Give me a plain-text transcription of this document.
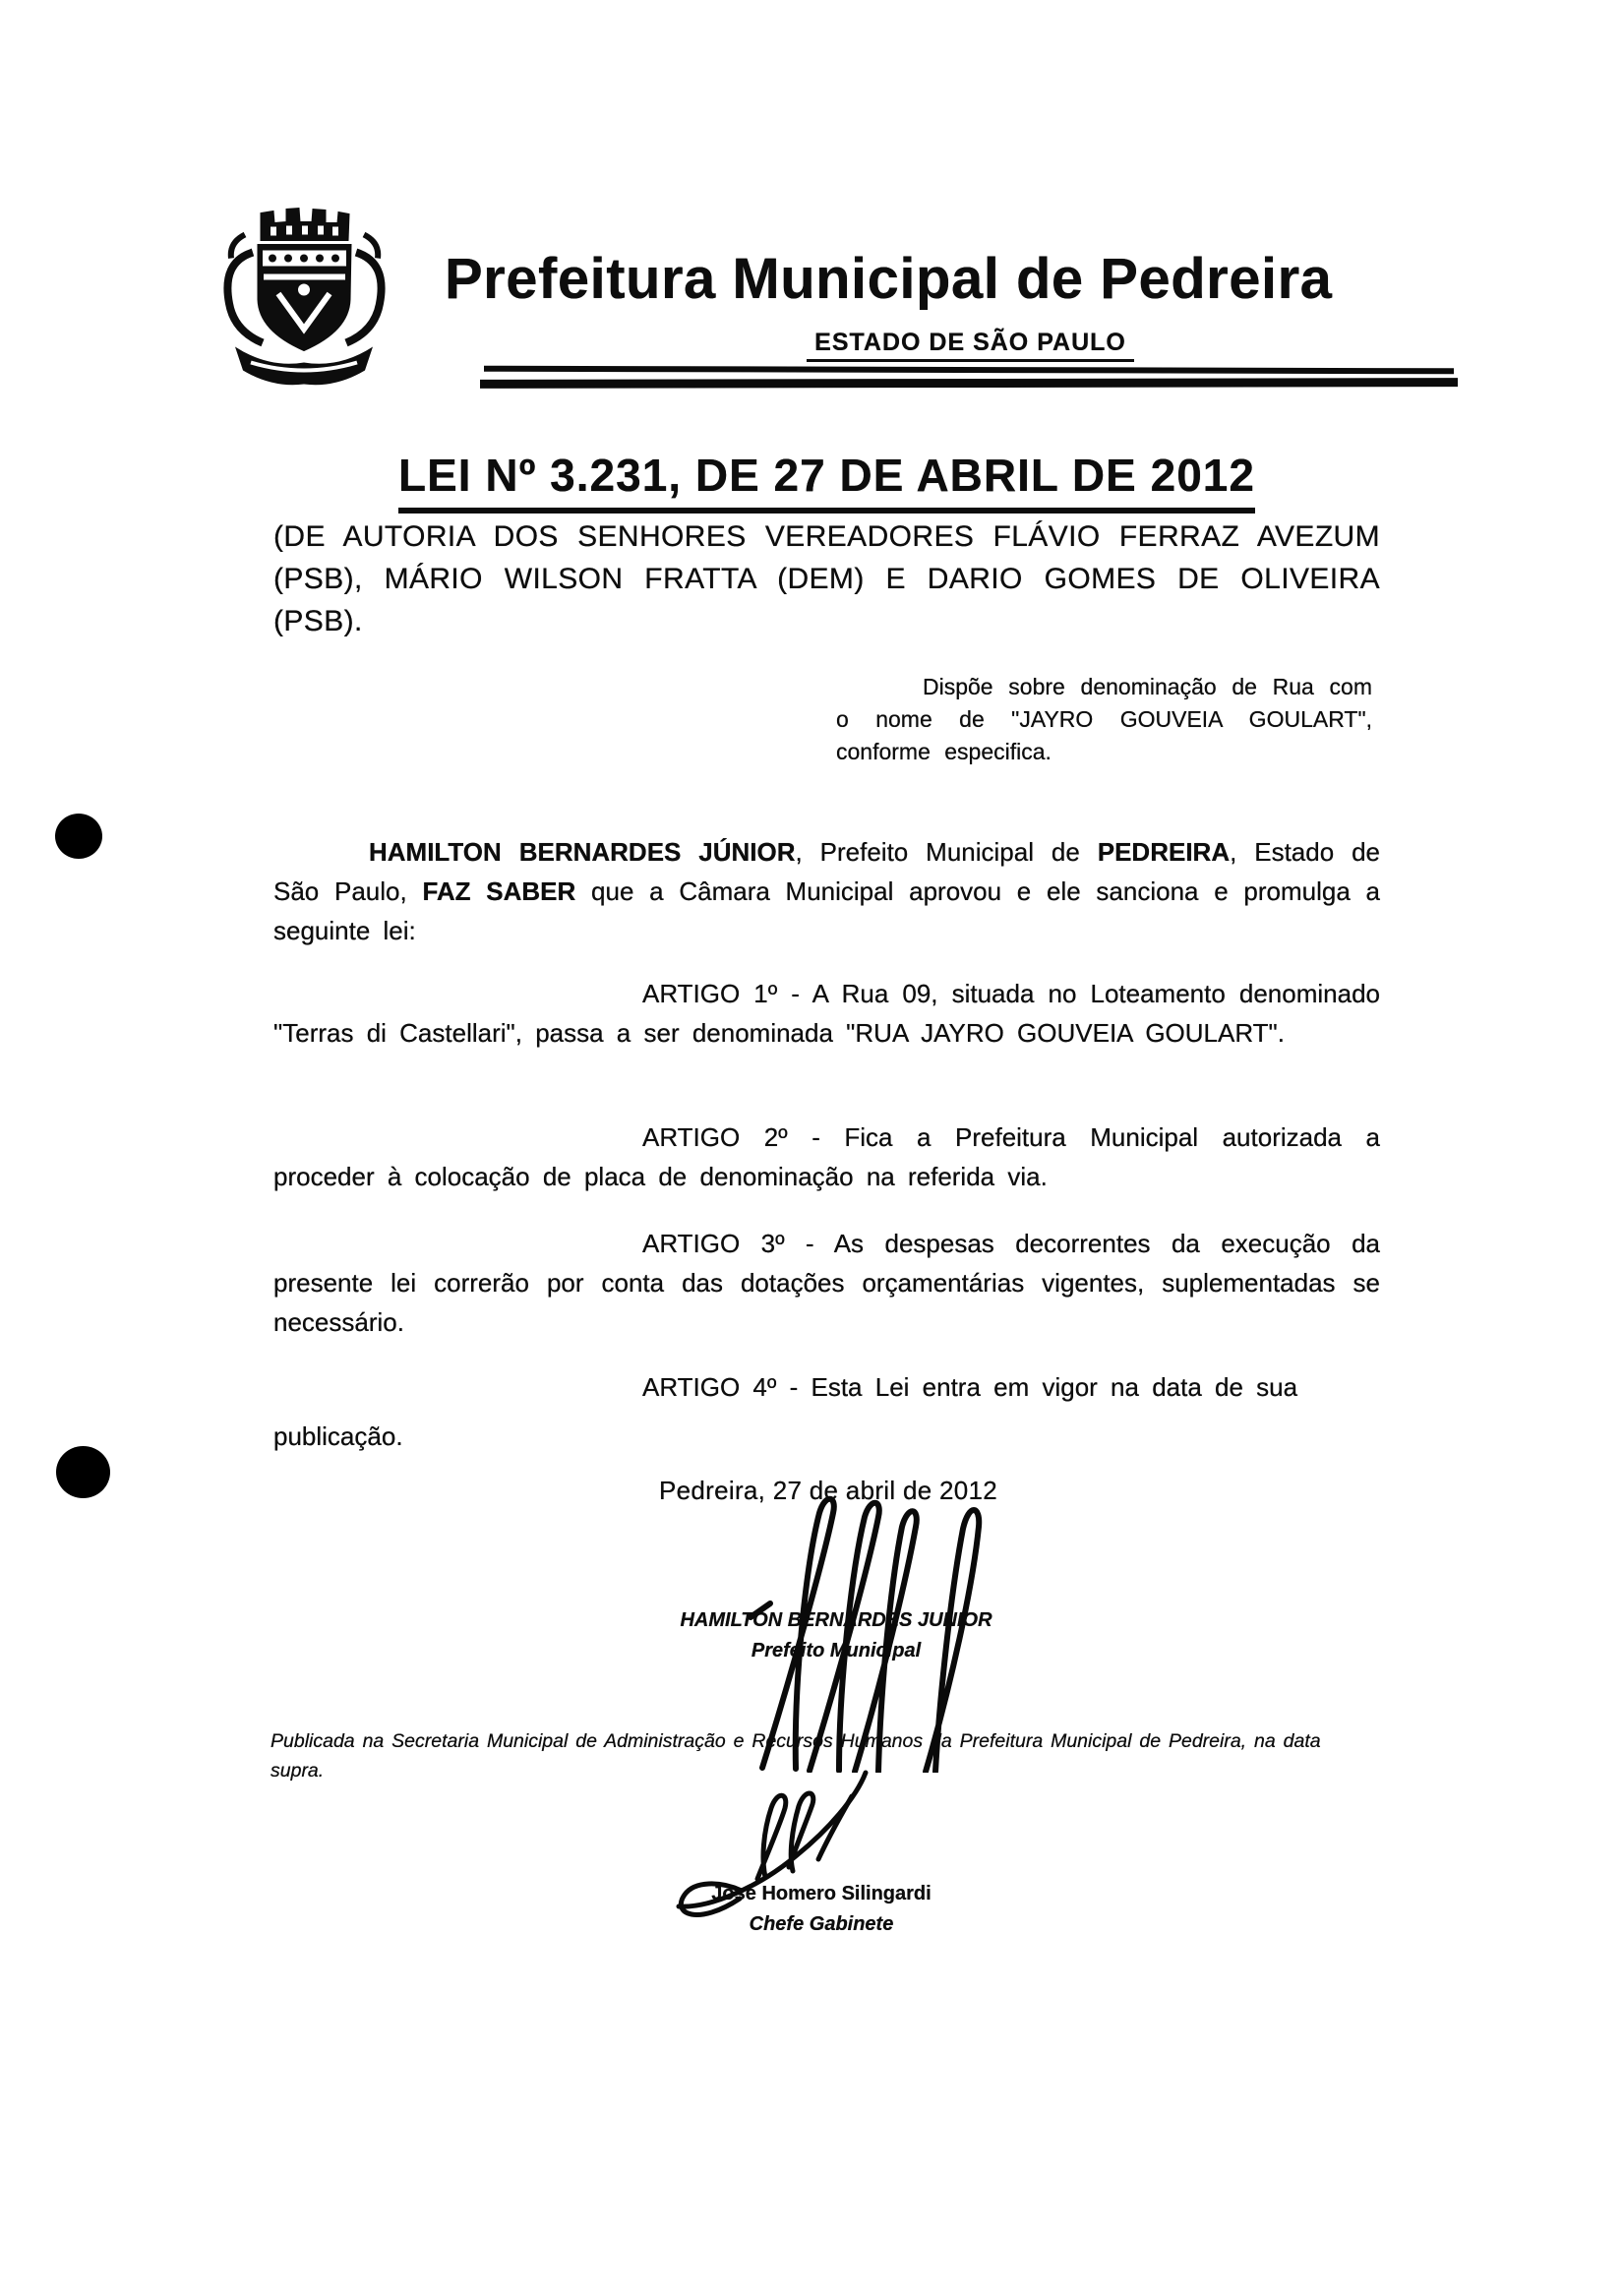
Prefeitura Municipal de Pedreira
ESTADO DE SÃO PAULO
LEI Nº 3.231, DE 27 DE ABRIL DE 2012
(DE AUTORIA DOS SENHORES VEREADORES FLÁVIO FERRAZ AVEZUM (PSB), MÁRIO WILSON FRATTA (DEM) E DARIO GOMES DE OLIVEIRA (PSB).
Dispõe sobre denominação de Rua com o nome de "JAYRO GOUVEIA GOULART", conforme especifica.
HAMILTON BERNARDES JÚNIOR, Prefeito Municipal de PEDREIRA, Estado de São Paulo, FAZ SABER que a Câmara Municipal aprovou e ele sanciona e promulga a seguinte lei:
ARTIGO 1º - A Rua 09, situada no Loteamento denominado "Terras di Castellari", passa a ser denominada "RUA JAYRO GOUVEIA GOULART".
ARTIGO 2º - Fica a Prefeitura Municipal autorizada a proceder à colocação de placa de denominação na referida via.
ARTIGO 3º - As despesas decorrentes da execução da presente lei correrão por conta das dotações orçamentárias vigentes, suplementadas se necessário.
ARTIGO 4º - Esta Lei entra em vigor na data de sua
publicação.
Pedreira, 27 de abril de 2012
HAMILTON BERNARDES JUNIOR
Prefeito Municipal
Publicada na Secretaria Municipal de Administração e Recursos Humanos da Prefeitura Municipal de Pedreira, na data supra.
José Homero Silingardi
Chefe Gabinete
